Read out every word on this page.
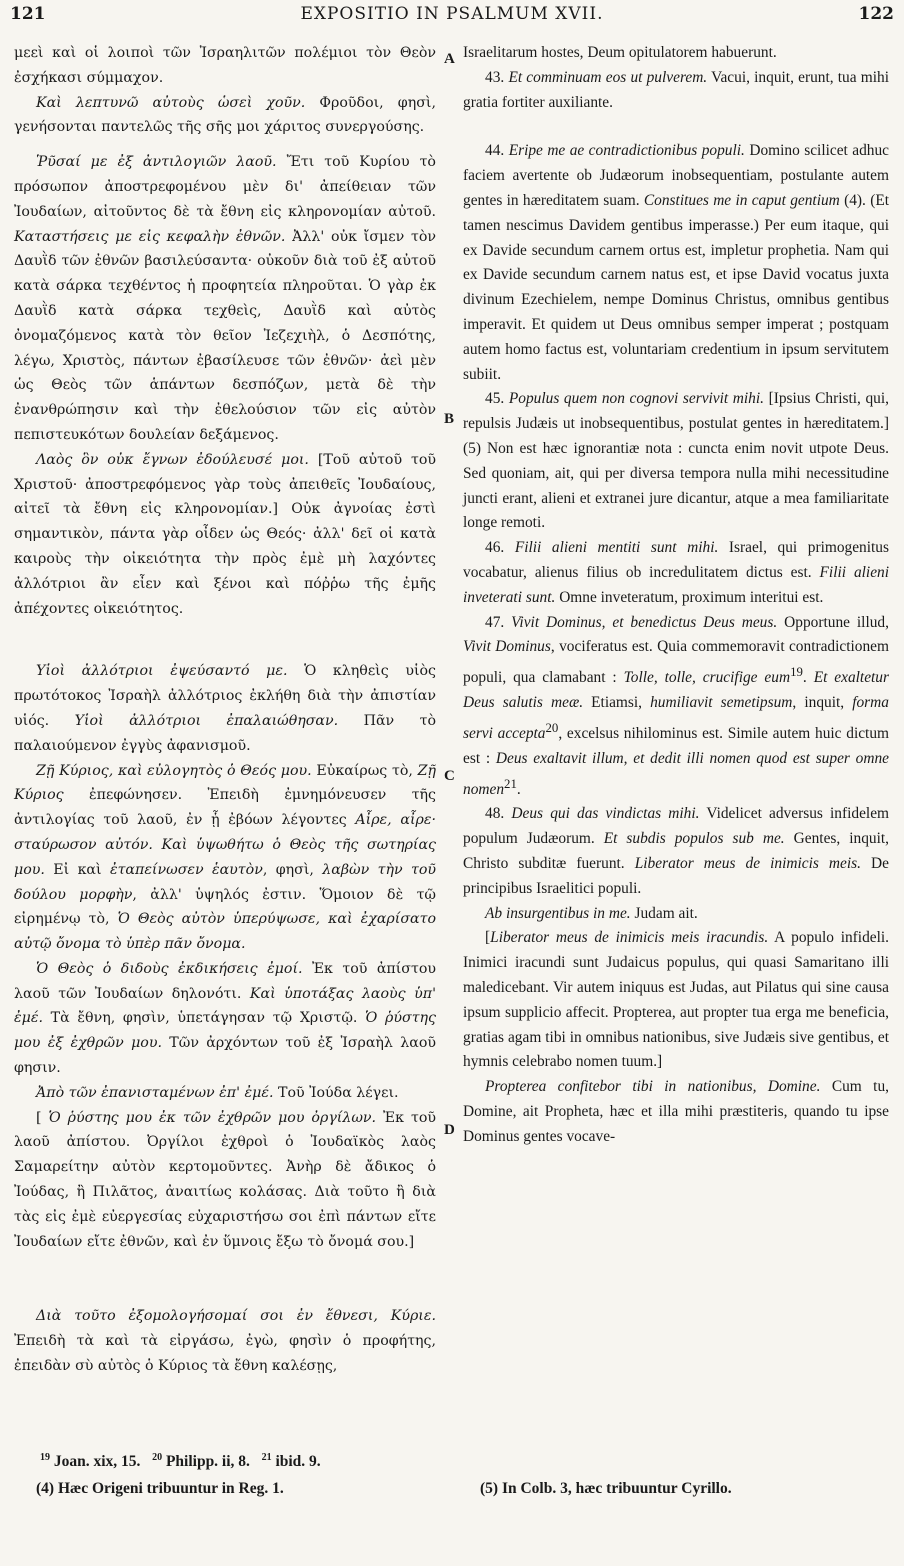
121	EXPOSITIO IN PSALMUM XVII.	122

μεεὶ καὶ οἱ λοιποὶ τῶν Ἰσραηλιτῶν πολέμιοι τὸν Θεὸν ἐσχήκασι σύμμαχον.

Καὶ λεπτυνῶ αὐτοὺς ὡσεὶ χοῦν. Φροῦδοι, φησὶ, γενήσονται παντελῶς τῆς σῆς μοι χάριτος συνεργούσης.

Ῥῦσαί με ἐξ ἀντιλογιῶν λαοῦ. Ἔτι τοῦ Κυρίου τὸ πρόσωπον ἀποστρεφομένου μὲν δι' ἀπείθειαν τῶν Ἰουδαίων, αἰτοῦντος δὲ τὰ ἔθνη εἰς κληρονομίαν αὐτοῦ. Καταστήσεις με εἰς κεφαλὴν ἐθνῶν. Ἀλλ' οὐκ ἴσμεν τὸν Δαυῒδ τῶν ἐθνῶν βασιλεύσαντα· οὐκοῦν διὰ τοῦ ἐξ αὐτοῦ κατὰ σάρκα τεχθέντος ἡ προφητεία πληροῦται. Ὁ γὰρ ἐκ Δαυῒδ κατὰ σάρκα τεχθεὶς, Δαυῒδ καὶ αὐτὸς ὀνομαζόμενος κατὰ τὸν θεῖον Ἰεζεχιὴλ, ὁ Δεσπότης, λέγω, Χριστὸς, πάντων ἐβασίλευσε τῶν ἐθνῶν· ἀεὶ μὲν ὡς Θεὸς τῶν ἁπάντων δεσπόζων, μετὰ δὲ τὴν ἐνανθρώπησιν καὶ τὴν ἐθελούσιον τῶν εἰς αὐτὸν πεπιστευκότων δουλείαν δεξάμενος.

Λαὸς ὃν οὐκ ἔγνων ἐδούλευσέ μοι. [Τοῦ αὐτοῦ τοῦ Χριστοῦ· ἀποστρεφόμενος γὰρ τοὺς ἀπειθεῖς Ἰουδαίους, αἰτεῖ τὰ ἔθνη εἰς κληρονομίαν.] Οὐκ ἀγνοίας ἐστὶ σημαντικὸν, πάντα γὰρ οἶδεν ὡς Θεός· ἀλλ' δεῖ οἱ κατὰ καιροὺς τὴν οἰκειότητα τὴν πρὸς ἐμὲ μὴ λαχόντες ἀλλότριοι ἂν εἶεν καὶ ξένοι καὶ πόῤῥω τῆς ἐμῆς ἀπέχοντες οἰκειότητος.

Υἱοὶ ἀλλότριοι ἐψεύσαντό με. Ὁ κληθεὶς υἱὸς πρωτότοκος Ἰσραὴλ ἀλλότριος ἐκλήθη διὰ τὴν ἀπιστίαν υἱός. Υἱοὶ ἀλλότριοι ἐπαλαιώθησαν. Πᾶν τὸ παλαιούμενον ἐγγὺς ἀφανισμοῦ.

Ζῇ Κύριος, καὶ εὐλογητὸς ὁ Θεός μου. Εὐκαίρως τὸ, Ζῇ Κύριος ἐπεφώνησεν. Ἐπειδὴ ἐμνημόνευσεν τῆς ἀντιλογίας τοῦ λαοῦ, ἐν ᾗ ἐβόων λέγοντες Αἶρε, αἶρε· σταύρωσον αὐτόν. Καὶ ὑψωθήτω ὁ Θεὸς τῆς σωτηρίας μου. Εἰ καὶ ἐταπείνωσεν ἑαυτὸν, φησὶ, λαβὼν τὴν τοῦ δούλου μορφὴν, ἀλλ' ὑψηλός ἐστιν. Ὅμοιον δὲ τῷ εἰρημένῳ τὸ, Ὁ Θεὸς αὐτὸν ὑπερύψωσε, καὶ ἐχαρίσατο αὐτῷ ὄνομα τὸ ὑπὲρ πᾶν ὄνομα.

Ὁ Θεὸς ὁ διδοὺς ἐκδικήσεις ἐμοί. Ἐκ τοῦ ἀπίστου λαοῦ τῶν Ἰουδαίων δηλονότι. Καὶ ὑποτάξας λαοὺς ὑπ' ἐμέ. Τὰ ἔθνη, φησὶν, ὑπετάγησαν τῷ Χριστῷ. Ὁ ῥύστης μου ἐξ ἐχθρῶν μου. Τῶν ἀρχόντων τοῦ ἐξ Ἰσραὴλ λαοῦ φησιν.

Ἀπὸ τῶν ἐπανισταμένων ἐπ' ἐμέ. Τοῦ Ἰούδα λέγει.

[ Ὁ ῥύστης μου ἐκ τῶν ἐχθρῶν μου ὀργίλων. Ἐκ τοῦ λαοῦ ἀπίστου. Ὀργίλοι ἐχθροὶ ὁ Ἰουδαϊκὸς λαὸς Σαμαρείτην αὐτὸν κερτομοῦντες. Ἀνὴρ δὲ ἄδικος ὁ Ἰούδας, ἢ Πιλᾶτος, ἀναιτίως κολάσας. Διὰ τοῦτο ἢ διὰ τὰς εἰς ἐμὲ εὐεργεσίας εὐχαριστήσω σοι ἐπὶ πάντων εἴτε Ἰουδαίων εἴτε ἐθνῶν, καὶ ἐν ὕμνοις ἔξω τὸ ὄνομά σου.]

Διὰ τοῦτο ἐξομολογήσομαί σοι ἐν ἔθνεσι, Κύριε. Ἐπειδὴ τὰ καὶ τὰ εἰργάσω, ἐγὼ, φησὶν ὁ προφήτης, ἐπειδὰν σὺ αὐτὸς ὁ Κύριος τὰ ἔθνη καλέσῃς,

Israelitarum hostes, Deum opitulatorem habuerunt.

43. Et comminuam eos ut pulverem. Vacui, inquit, erunt, tua mihi gratia fortiter auxiliante.

44. Eripe me ae contradictionibus populi. Domino scilicet adhuc faciem avertente ob Judæorum inobsequentiam, postulante autem gentes in hæreditatem suam. Constitues me in caput gentium (4). (Et tamen nescimus Davidem gentibus imperasse.) Per eum itaque, qui ex Davide secundum carnem ortus est, impletur prophetia. Nam qui ex Davide secundum carnem natus est, et ipse David vocatus juxta divinum Ezechielem, nempe Dominus Christus, omnibus gentibus imperavit. Et quidem ut Deus omnibus semper imperat ; postquam autem homo factus est, voluntariam credentium in ipsum servitutem subiit.

45. Populus quem non cognovi servivit mihi. [Ipsius Christi, qui, repulsis Judæis ut inobsequentibus, postulat gentes in hæreditatem.] (5) Non est hæc ignorantiæ nota : cuncta enim novit utpote Deus. Sed quoniam, ait, qui per diversa tempora nulla mihi necessitudine juncti erant, alieni et extranei jure dicantur, atque a mea familiaritate longe remoti.

46. Filii alieni mentiti sunt mihi. Israel, qui primogenitus vocabatur, alienus filius ob incredulitatem dictus est. Filii alieni inveterati sunt. Omne inveteratum, proximum interitui est.

47. Vivit Dominus, et benedictus Deus meus. Opportune illud, Vivit Dominus, vociferatus est. Quia commemoravit contradictionem populi, qua clamabant : Tolle, tolle, crucifige eum$^{19}$. Et exaltetur Deus salutis meæ. Etiamsi, humiliavit semetipsum, inquit, forma servi accepta$^{20}$, excelsus nihilominus est. Simile autem huic dictum est : Deus exaltavit illum, et dedit illi nomen quod est super omne nomen$^{21}$.

48. Deus qui das vindictas mihi. Videlicet adversus infidelem populum Judæorum. Et subdis populos sub me. Gentes, inquit, Christo subditæ fuerunt. Liberator meus de inimicis meis. De principibus Israelitici populi.

Ab insurgentibus in me. Judam ait.

[Liberator meus de inimicis meis iracundis. A populo infideli. Inimici iracundi sunt Judaicus populus, qui quasi Samaritano illi maledicebant. Vir autem iniquus est Judas, aut Pilatus qui sine causa ipsum supplicio affecit. Propterea, aut propter tua erga me beneficia, gratias agam tibi in omnibus nationibus, sive Judæis sive gentibus, et hymnis celebrabo nomen tuum.]

Propterea confitebor tibi in nationibus, Domine. Cum tu, Domine, ait Propheta, hæc et illa mihi præstiteris, quando tu ipse Dominus gentes vocave-

A
B
C
D
$^{19}$ Joan. xix, 15. $^{20}$ Philipp. ii, 8. $^{21}$ ibid. 9.
(4) Hæc Origeni tribuuntur in Reg. 1.	(5) In Colb. 3, hæc tribuuntur Cyrillo.
